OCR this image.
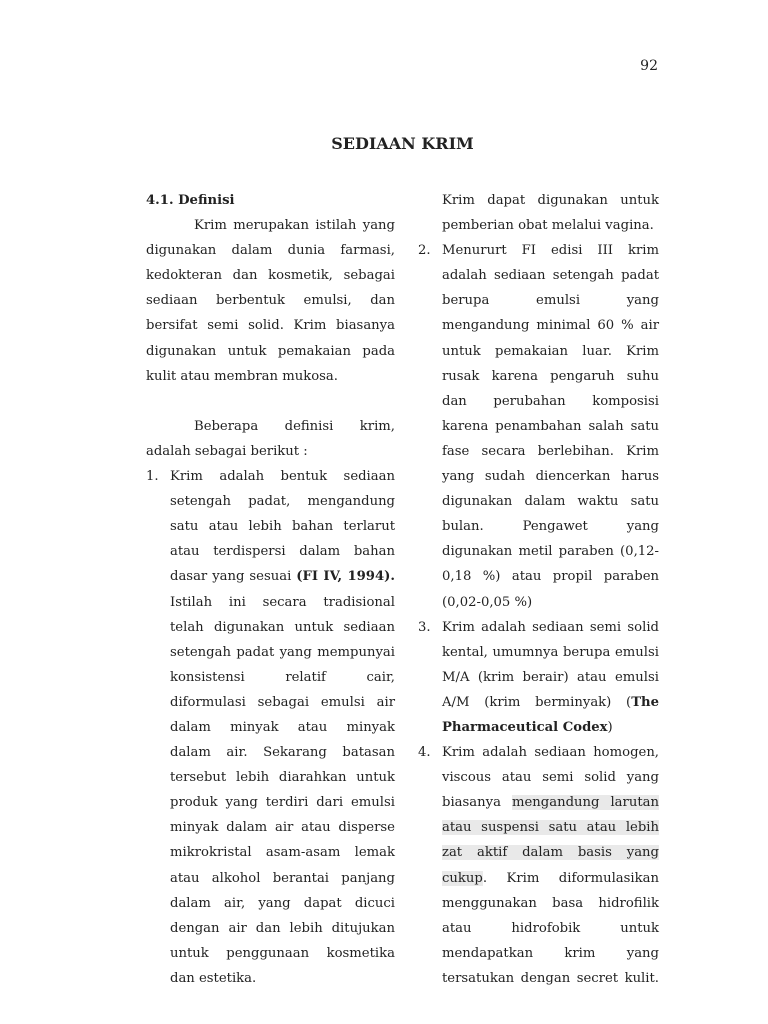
92
SEDIAAN KRIM

4.1. Definisi

Krim merupakan istilah yang digunakan dalam dunia farmasi, kedokteran dan kosmetik, sebagai sediaan berbentuk emulsi, dan bersifat semi solid. Krim biasanya digunakan untuk pemakaian pada kulit atau membran mukosa.

Beberapa definisi krim, adalah sebagai berikut :

1. Krim adalah bentuk sediaan setengah padat, mengandung satu atau lebih bahan terlarut atau terdispersi dalam bahan dasar yang sesuai (FI IV, 1994). Istilah ini secara tradisional telah digunakan untuk sediaan setengah padat yang mempunyai konsistensi relatif cair, diformulasi sebagai emulsi air dalam minyak atau minyak dalam air. Sekarang batasan tersebut lebih diarahkan untuk produk yang terdiri dari emulsi minyak dalam air atau disperse mikrokristal asam-asam lemak atau alkohol berantai panjang dalam air, yang dapat dicuci dengan air dan lebih ditujukan untuk penggunaan kosmetika dan estetika.

Krim dapat digunakan untuk pemberian obat melalui vagina.

2. Menururt FI edisi III krim adalah sediaan setengah padat berupa emulsi yang mengandung minimal 60 % air untuk pemakaian luar. Krim rusak karena pengaruh suhu dan perubahan komposisi karena penambahan salah satu fase secara berlebihan. Krim yang sudah diencerkan harus digunakan dalam waktu satu bulan. Pengawet yang digunakan metil paraben (0,12-0,18 %) atau propil paraben (0,02-0,05 %)

3. Krim adalah sediaan semi solid kental, umumnya berupa emulsi M/A (krim berair) atau emulsi A/M (krim berminyak) (The Pharmaceutical Codex)

4. Krim adalah sediaan homogen, viscous atau semi solid yang biasanya mengandung larutan atau suspensi satu atau lebih zat aktif dalam basis yang cukup. Krim diformulasikan menggunakan basa hidrofilik atau hidrofobik untuk mendapatkan krim yang tersatukan dengan secret kulit.
